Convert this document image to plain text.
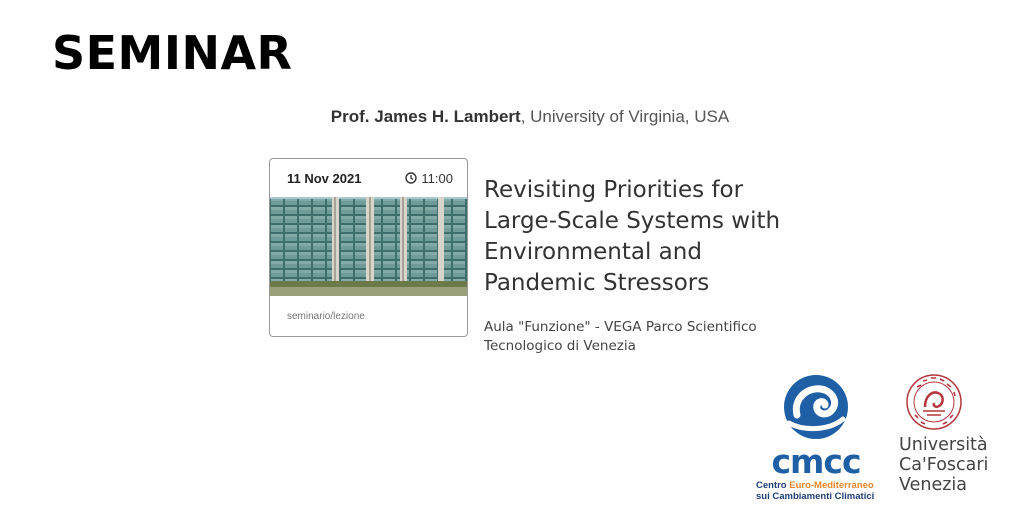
SEMINAR
Prof. James H. Lambert, University of Virginia, USA
11 Nov 2021	11:00
seminario/lezione
Revisiting Priorities for
Large-Scale Systems with
Environmental and
Pandemic Stressors
Aula "Funzione" - VEGA Parco Scientifico
Tecnologico di Venezia
cmcc
Centro Euro-Mediterraneo
sui Cambiamenti Climatici
Università
Ca'Foscari
Venezia
